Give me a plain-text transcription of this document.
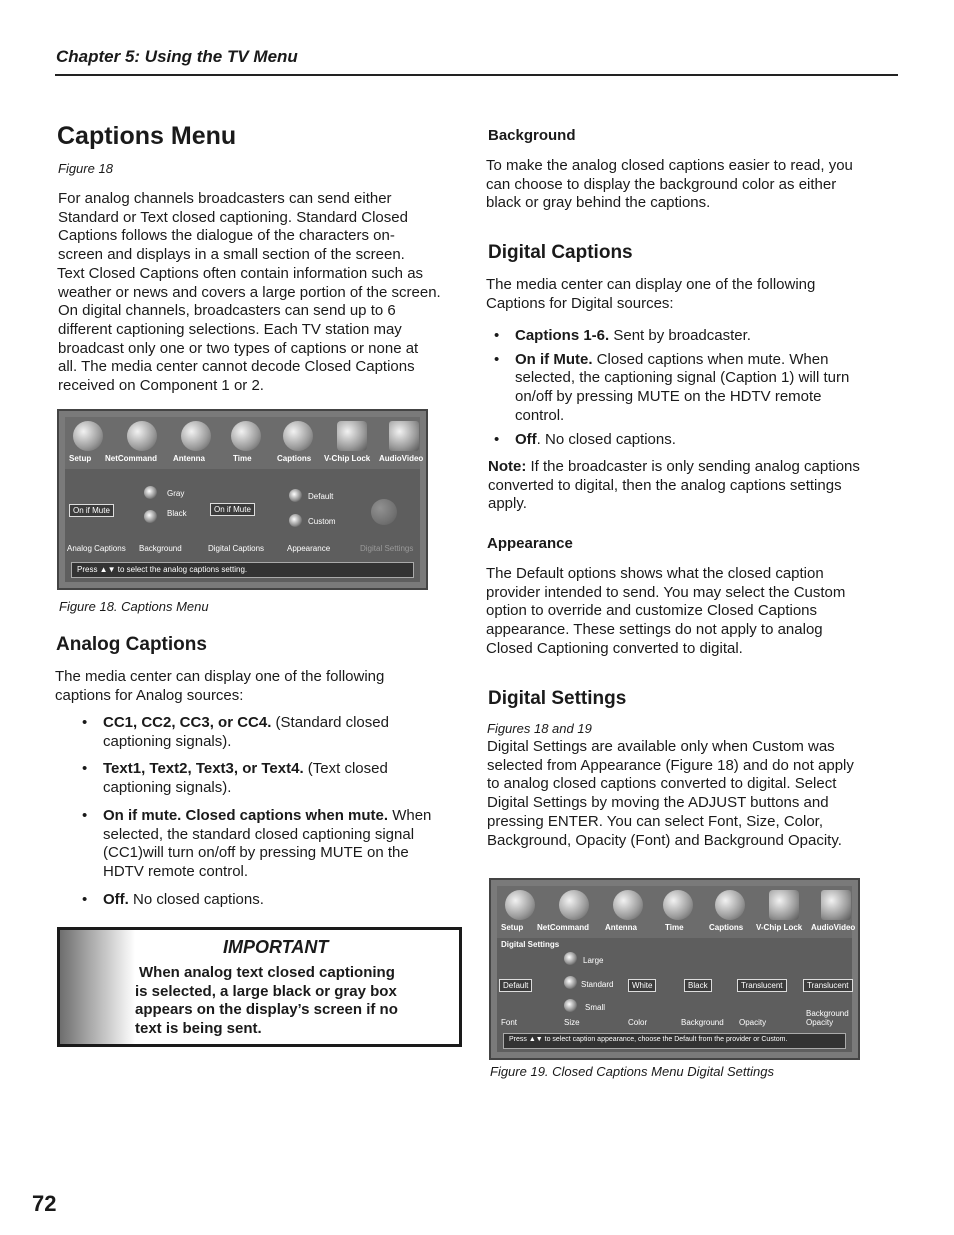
Chapter 5: Using the TV Menu
Captions Menu
Figure 18
For analog channels broadcasters can send either
Standard or Text closed captioning. Standard Closed
Captions follows the dialogue of the characters on-
screen and displays in a small section of the screen.
Text Closed Captions often contain information such as
weather or news and covers a large portion of the screen.
On digital channels, broadcasters can send up to 6
different captioning selections. Each TV station may
broadcast only one or two types of captions or none at
all. The media center cannot decode Closed Captions
received on Component 1 or 2.
Setup NetCommand Antenna	Time	Captions V-Chip Lock AudioVideo
On if Mute
Gray
Black	On if Mute
Default
Custom
Analog Captions Background	Digital Captions	Appearance	Digital Settings
Press ▲▼ to select the analog captions setting.
Figure 18. Captions Menu
Analog Captions
The media center can display one of the following
captions for Analog sources:
• CC1, CC2, CC3, or CC4. (Standard closed
captioning signals).
• Text1, Text2, Text3, or Text4. (Text closed
captioning signals).
• On if mute. Closed captions when mute. When
selected, the standard closed captioning signal
(CC1)will turn on/off by pressing MUTE on the
HDTV remote control.
• Off. No closed captions.
IMPORTANT
When analog text closed captioning
is selected, a large black or gray box
appears on the display’s screen if no
text is being sent.
Background
To make the analog closed captions easier to read, you
can choose to display the background color as either
black or gray behind the captions.
Digital Captions
The media center can display one of the following
Captions for Digital sources:
• Captions 1-6. Sent by broadcaster.
• On if Mute. Closed captions when mute. When
selected, the captioning signal (Caption 1) will turn
on/off by pressing MUTE on the HDTV remote
control.
• Off. No closed captions.
Note: If the broadcaster is only sending analog captions
converted to digital, then the analog captions settings
apply.
Appearance
The Default options shows what the closed caption
provider intended to send. You may select the Custom
option to override and customize Closed Captions
appearance. These settings do not apply to analog
Closed Captioning converted to digital.
Digital Settings
Figures 18 and 19
Digital Settings are available only when Custom was
selected from Appearance (Figure 18) and do not apply
to analog closed captions converted to digital. Select
Digital Settings by moving the ADJUST buttons and
pressing ENTER. You can select Font, Size, Color,
Background, Opacity (Font) and Background Opacity.
Setup NetCommand Antenna	Time	Captions V-Chip Lock AudioVideo
Digital Settings
Default
Large
Standard
Small
White	Black	Translucent	Translucent
Font	Size	Color	Background Opacity
Background Opacity
Press ▲▼ to select caption appearance, choose the Default from the provider or Custom.
Figure 19. Closed Captions Menu Digital Settings
72
